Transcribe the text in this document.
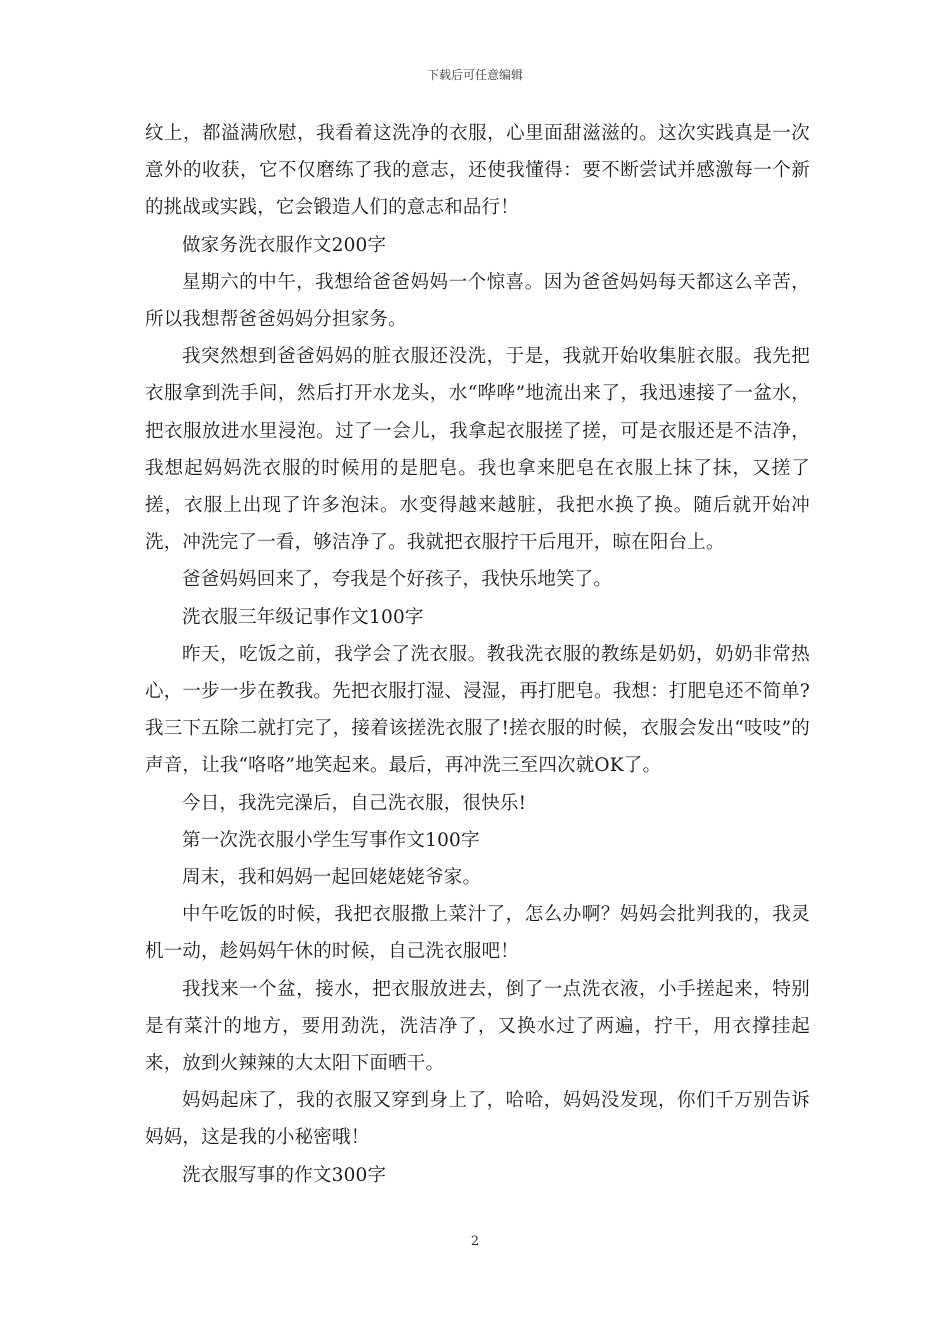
下载后可任意编辑

纹上，都溢满欣慰，我看着这洗净的衣服，心里面甜滋滋的。这次实践真是一次意外的收获，它不仅磨练了我的意志，还使我懂得：要不断尝试并感激每一个新的挑战或实践，它会锻造人们的意志和品行！

做家务洗衣服作文200字

星期六的中午，我想给爸爸妈妈一个惊喜。因为爸爸妈妈每天都这么辛苦，所以我想帮爸爸妈妈分担家务。

我突然想到爸爸妈妈的脏衣服还没洗，于是，我就开始收集脏衣服。我先把衣服拿到洗手间，然后打开水龙头，水“哗哗”地流出来了，我迅速接了一盆水，把衣服放进水里浸泡。过了一会儿，我拿起衣服搓了搓，可是衣服还是不洁净，我想起妈妈洗衣服的时候用的是肥皂。我也拿来肥皂在衣服上抹了抹，又搓了搓，衣服上出现了许多泡沫。水变得越来越脏，我把水换了换。随后就开始冲洗，冲洗完了一看，够洁净了。我就把衣服拧干后甩开，晾在阳台上。

爸爸妈妈回来了，夸我是个好孩子，我快乐地笑了。

洗衣服三年级记事作文100字

昨天，吃饭之前，我学会了洗衣服。教我洗衣服的教练是奶奶，奶奶非常热心，一步一步在教我。先把衣服打湿、浸湿，再打肥皂。我想：打肥皂还不简单?我三下五除二就打完了，接着该搓洗衣服了!搓衣服的时候，衣服会发出“吱吱”的声音，让我“咯咯”地笑起来。最后，再冲洗三至四次就OK了。

今日，我洗完澡后，自己洗衣服，很快乐!

第一次洗衣服小学生写事作文100字

周末，我和妈妈一起回姥姥姥爷家。

中午吃饭的时候，我把衣服撒上菜汁了，怎么办啊？妈妈会批判我的，我灵机一动，趁妈妈午休的时候，自己洗衣服吧！

我找来一个盆，接水，把衣服放进去，倒了一点洗衣液，小手搓起来，特别是有菜汁的地方，要用劲洗，洗洁净了，又换水过了两遍，拧干，用衣撑挂起来，放到火辣辣的大太阳下面晒干。

妈妈起床了，我的衣服又穿到身上了，哈哈，妈妈没发现，你们千万别告诉妈妈，这是我的小秘密哦！

洗衣服写事的作文300字

2
